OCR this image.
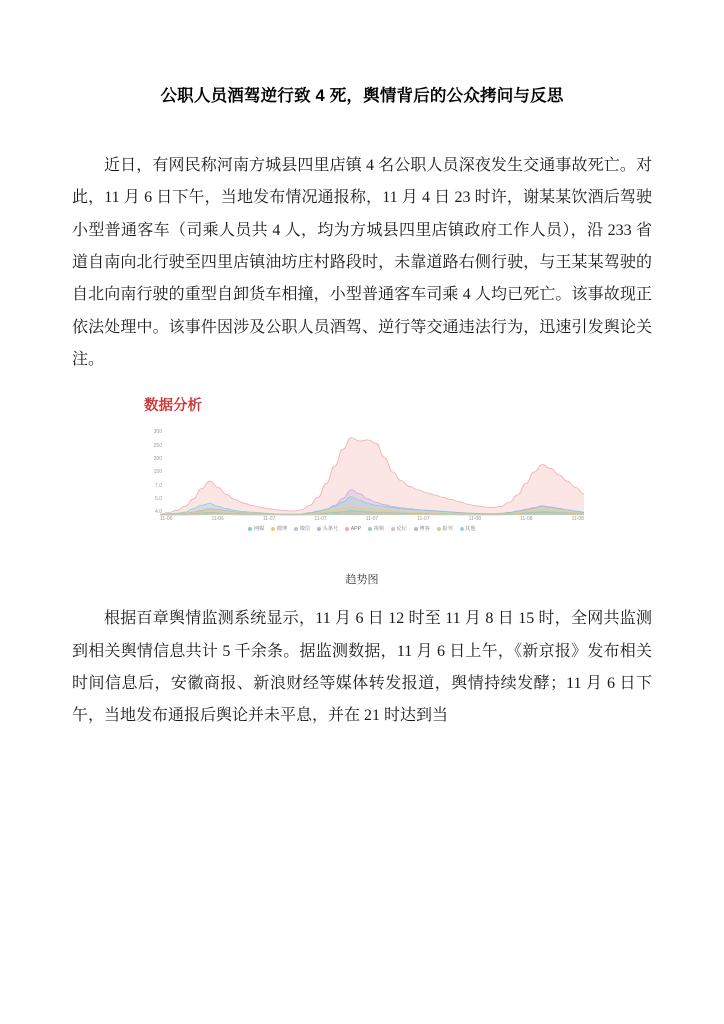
公职人员酒驾逆行致 4 死，舆情背后的公众拷问与反思

近日，有网民称河南方城县四里店镇 4 名公职人员深夜发生交通事故死亡。对此，11 月 6 日下午，当地发布情况通报称，11 月 4 日 23 时许，谢某某饮酒后驾驶小型普通客车（司乘人员共 4 人，均为方城县四里店镇政府工作人员），沿 233 省道自南向北行驶至四里店镇油坊庄村路段时，未靠道路右侧行驶，与王某某驾驶的自北向南行驶的重型自卸货车相撞，小型普通客车司乘 4 人均已死亡。该事故现正依法处理中。该事件因涉及公职人员酒驾、逆行等交通违法行为，迅速引发舆论关注。

数据分析
300
250
200
150
7.0
5.0
4.0
11-06	11-06	11-07	11-07	11-07	11-07	11-08	11-08	11-08
网媒 微博 微信 头条号 APP 视频 论坛 博客 报刊 其他
趋势图

根据百章舆情监测系统显示，11 月 6 日 12 时至 11 月 8 日 15 时，全网共监测到相关舆情信息共计 5 千余条。据监测数据，11 月 6 日上午，《新京报》发布相关时间信息后，安徽商报、新浪财经等媒体转发报道，舆情持续发酵；11 月 6 日下午，当地发布通报后舆论并未平息，并在 21 时达到当
